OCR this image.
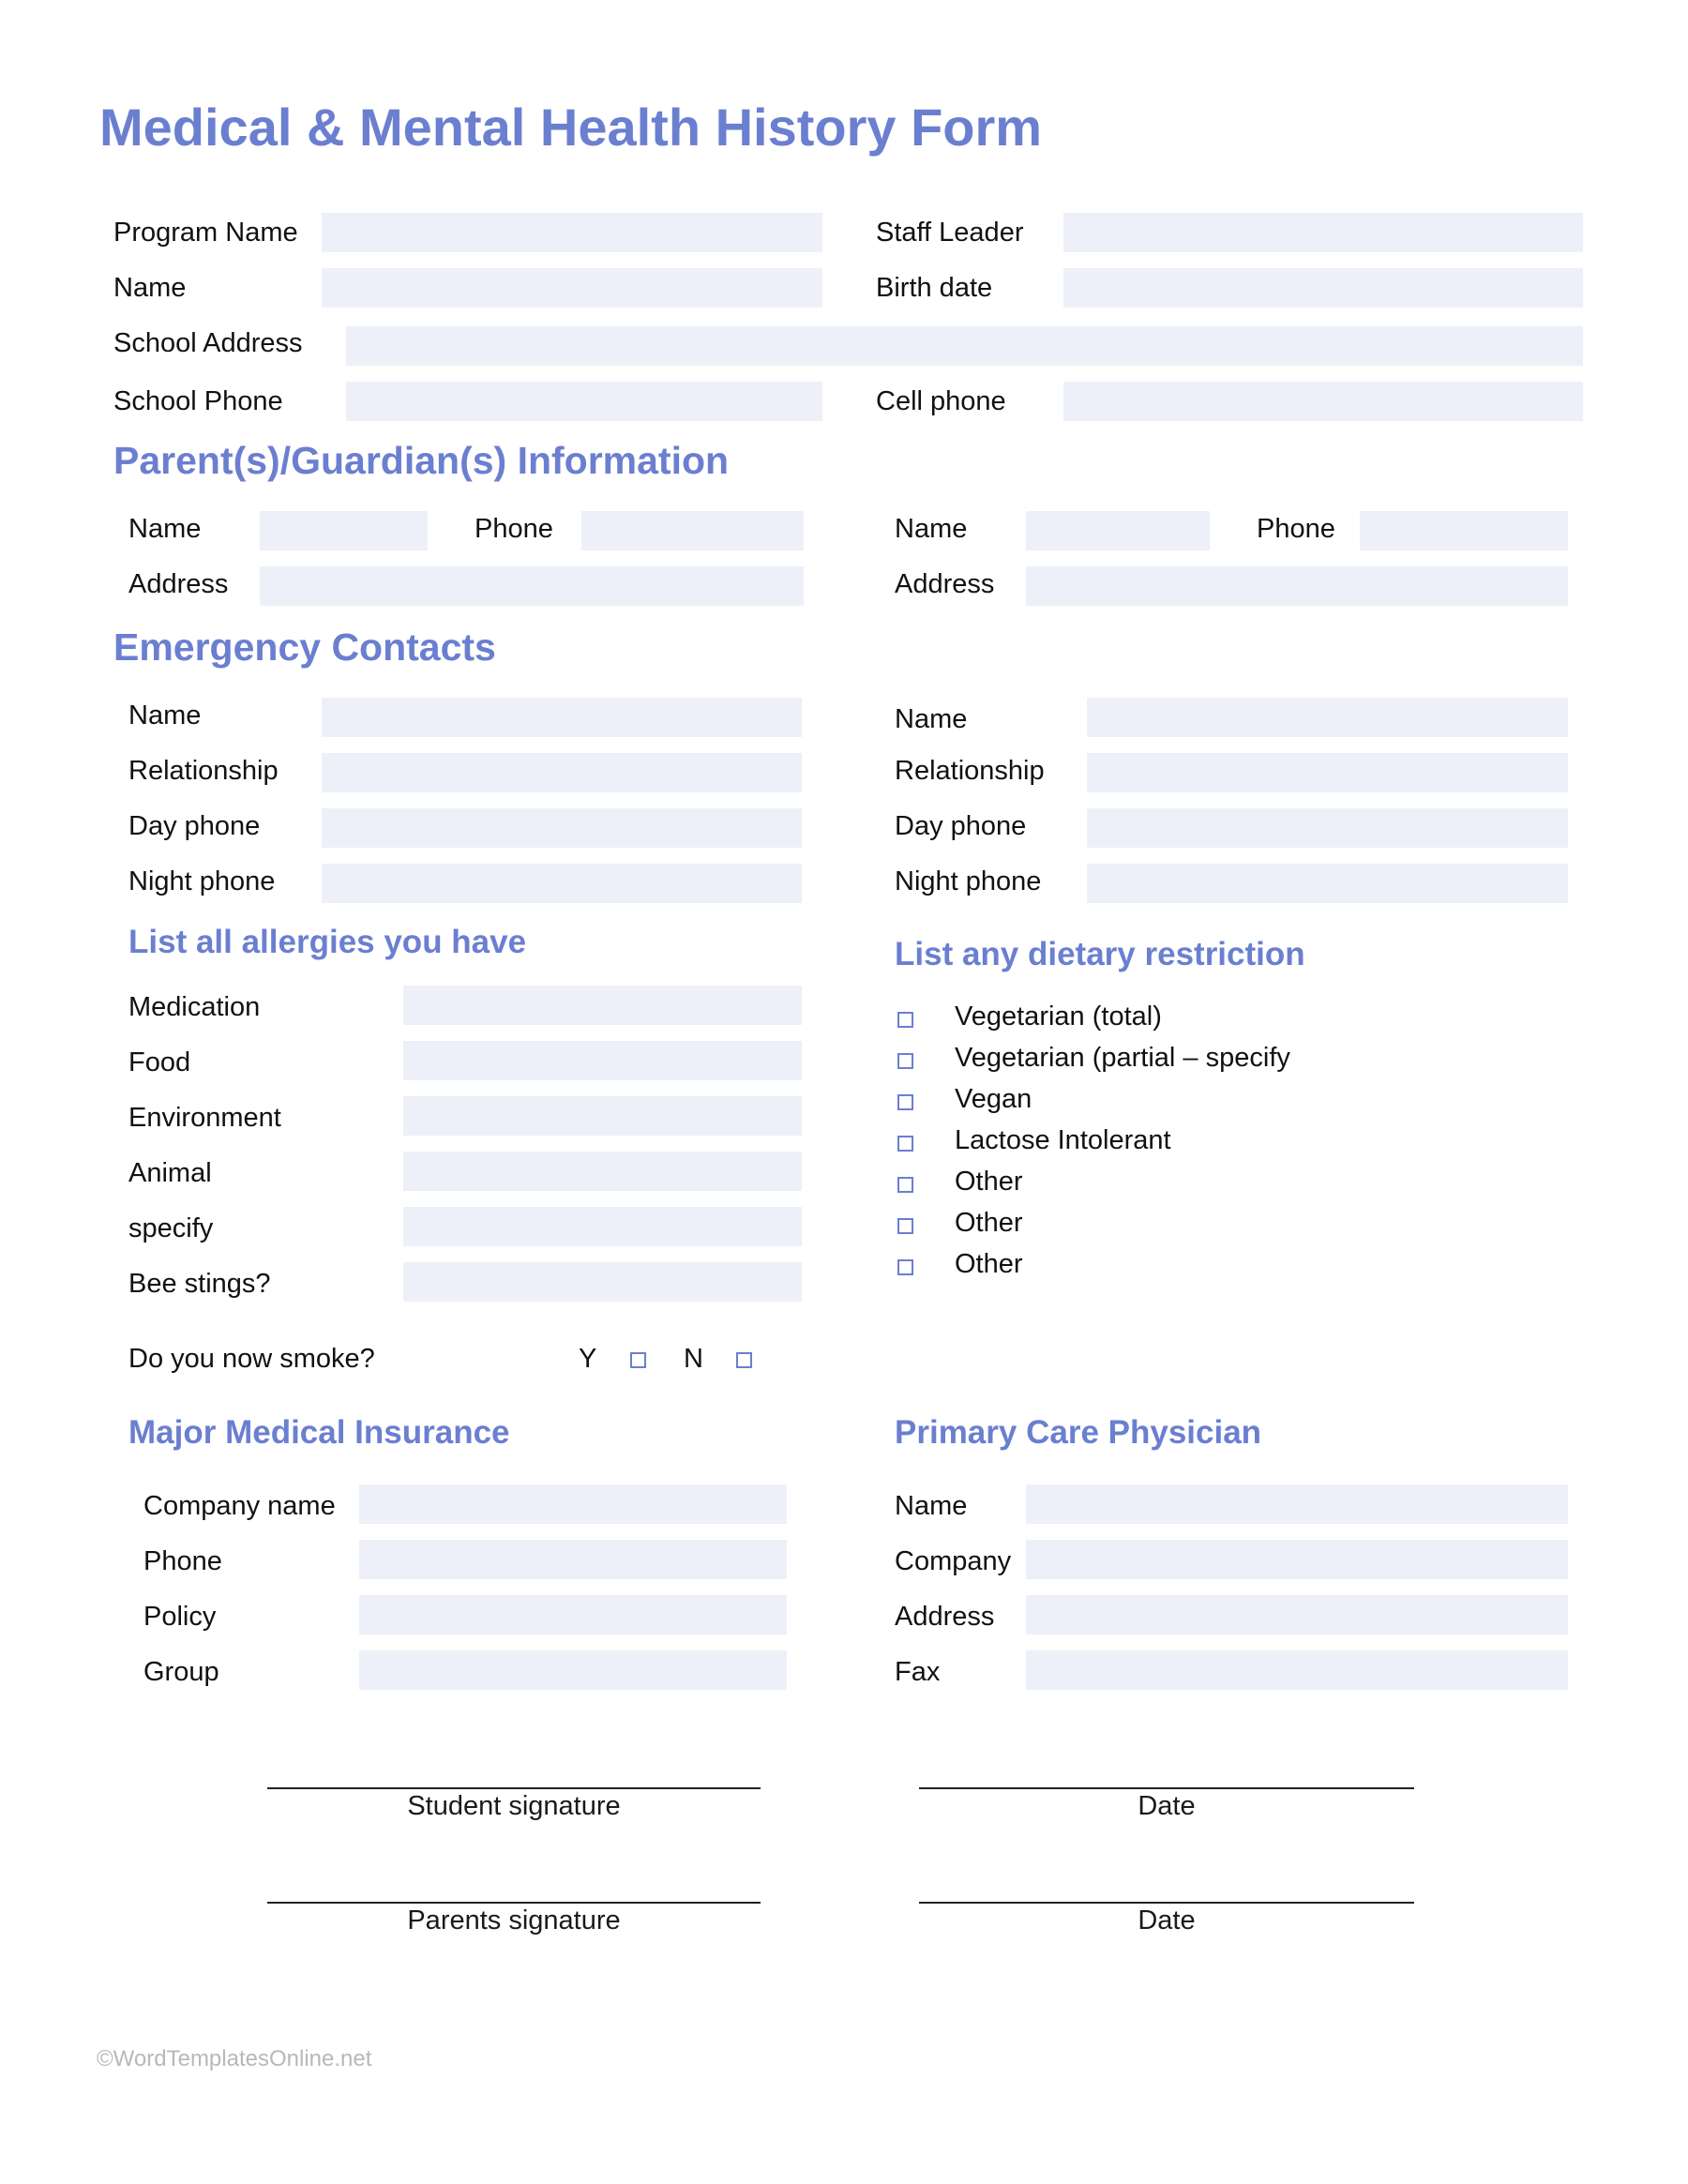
Medical & Mental Health History Form
Program Name	Staff Leader
Name	Birth date
School Address
School Phone	Cell phone
Parent(s)/Guardian(s) Information
Name	Phone
Address
Name	Phone
Address
Emergency Contacts
Name
Relationship
Day phone
Night phone
Name
Relationship
Day phone
Night phone
List all allergies you have
Medication
Food
Environment
Animal
specify
Bee stings?
List any dietary restriction
Vegetarian (total)
Vegetarian (partial – specify
Vegan
Lactose Intolerant
Other
Other
Other
Do you now smoke?	Y	N
Major Medical Insurance
Company name
Phone
Policy
Group
Primary Care Physician
Name
Company
Address
Fax
Student signature	Date
Parents signature	Date
©WordTemplatesOnline.net
